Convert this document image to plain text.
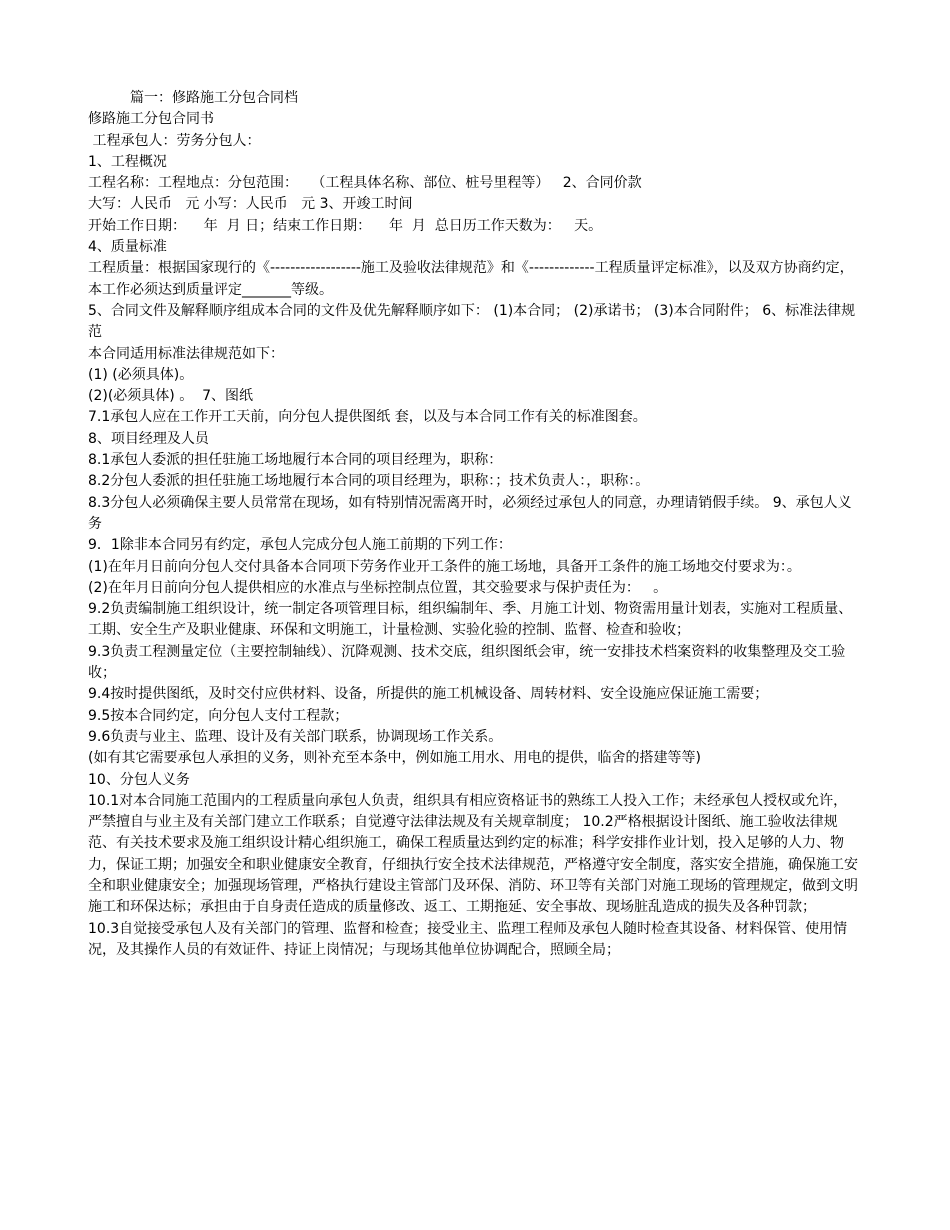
篇一：修路施工分包合同档

修路施工分包合同书

工程承包人：劳务分包人：

1、工程概况

工程名称：工程地点：分包范围：   （工程具体名称、部位、桩号里程等）   2、合同价款

大写：人民币   元 小写：人民币   元 3、开竣工时间

开始工作日期：    年  月 日；结束工作日期：    年  月  总日历工作天数为：   天。

4、质量标准

工程质量：根据国家现行的《------------------施工及验收法律规范》和《-------------工程质量评定标准》，以及双方协商约定，本工作必须达到质量评定_______等级。

5、合同文件及解释顺序组成本合同的文件及优先解释顺序如下： (1)本合同； (2)承诺书； (3)本合同附件； 6、标准法律规范

本合同适用标准法律规范如下：

(1) (必须具体)。

(2)(必须具体) 。  7、图纸

7.1承包人应在工作开工天前，向分包人提供图纸 套，以及与本合同工作有关的标准图套。

8、项目经理及人员

8.1承包人委派的担任驻施工场地履行本合同的项目经理为，职称：

8.2分包人委派的担任驻施工场地履行本合同的项目经理为，职称：；技术负责人：，职称：。

8.3分包人必须确保主要人员常常在现场，如有特别情况需离开时，必须经过承包人的同意，办理请销假手续。 9、承包人义务

9．1除非本合同另有约定，承包人完成分包人施工前期的下列工作：

(1)在年月日前向分包人交付具备本合同项下劳务作业开工条件的施工场地，具备开工条件的施工场地交付要求为：。

(2)在年月日前向分包人提供相应的水准点与坐标控制点位置，其交验要求与保护责任为：   。

9.2负责编制施工组织设计，统一制定各项管理目标，组织编制年、季、月施工计划、物资需用量计划表，实施对工程质量、工期、安全生产及职业健康、环保和文明施工，计量检测、实验化验的控制、监督、检查和验收；

9.3负责工程测量定位（主要控制轴线）、沉降观测、技术交底，组织图纸会审，统一安排技术档案资料的收集整理及交工验收；

9.4按时提供图纸，及时交付应供材料、设备，所提供的施工机械设备、周转材料、安全设施应保证施工需要；

9.5按本合同约定，向分包人支付工程款；

9.6负责与业主、监理、设计及有关部门联系，协调现场工作关系。

(如有其它需要承包人承担的义务，则补充至本条中，例如施工用水、用电的提供，临舍的搭建等等)

10、分包人义务

10.1对本合同施工范围内的工程质量向承包人负责，组织具有相应资格证书的熟练工人投入工作；未经承包人授权或允许，严禁擅自与业主及有关部门建立工作联系；自觉遵守法律法规及有关规章制度； 10.2严格根据设计图纸、施工验收法律规范、有关技术要求及施工组织设计精心组织施工，确保工程质量达到约定的标准；科学安排作业计划，投入足够的人力、物力，保证工期；加强安全和职业健康安全教育，仔细执行安全技术法律规范，严格遵守安全制度，落实安全措施，确保施工安全和职业健康安全；加强现场管理，严格执行建设主管部门及环保、消防、环卫等有关部门对施工现场的管理规定，做到文明施工和环保达标；承担由于自身责任造成的质量修改、返工、工期拖延、安全事故、现场脏乱造成的损失及各种罚款；

10.3自觉接受承包人及有关部门的管理、监督和检查；接受业主、监理工程师及承包人随时检查其设备、材料保管、使用情况，及其操作人员的有效证件、持证上岗情况；与现场其他单位协调配合，照顾全局；
